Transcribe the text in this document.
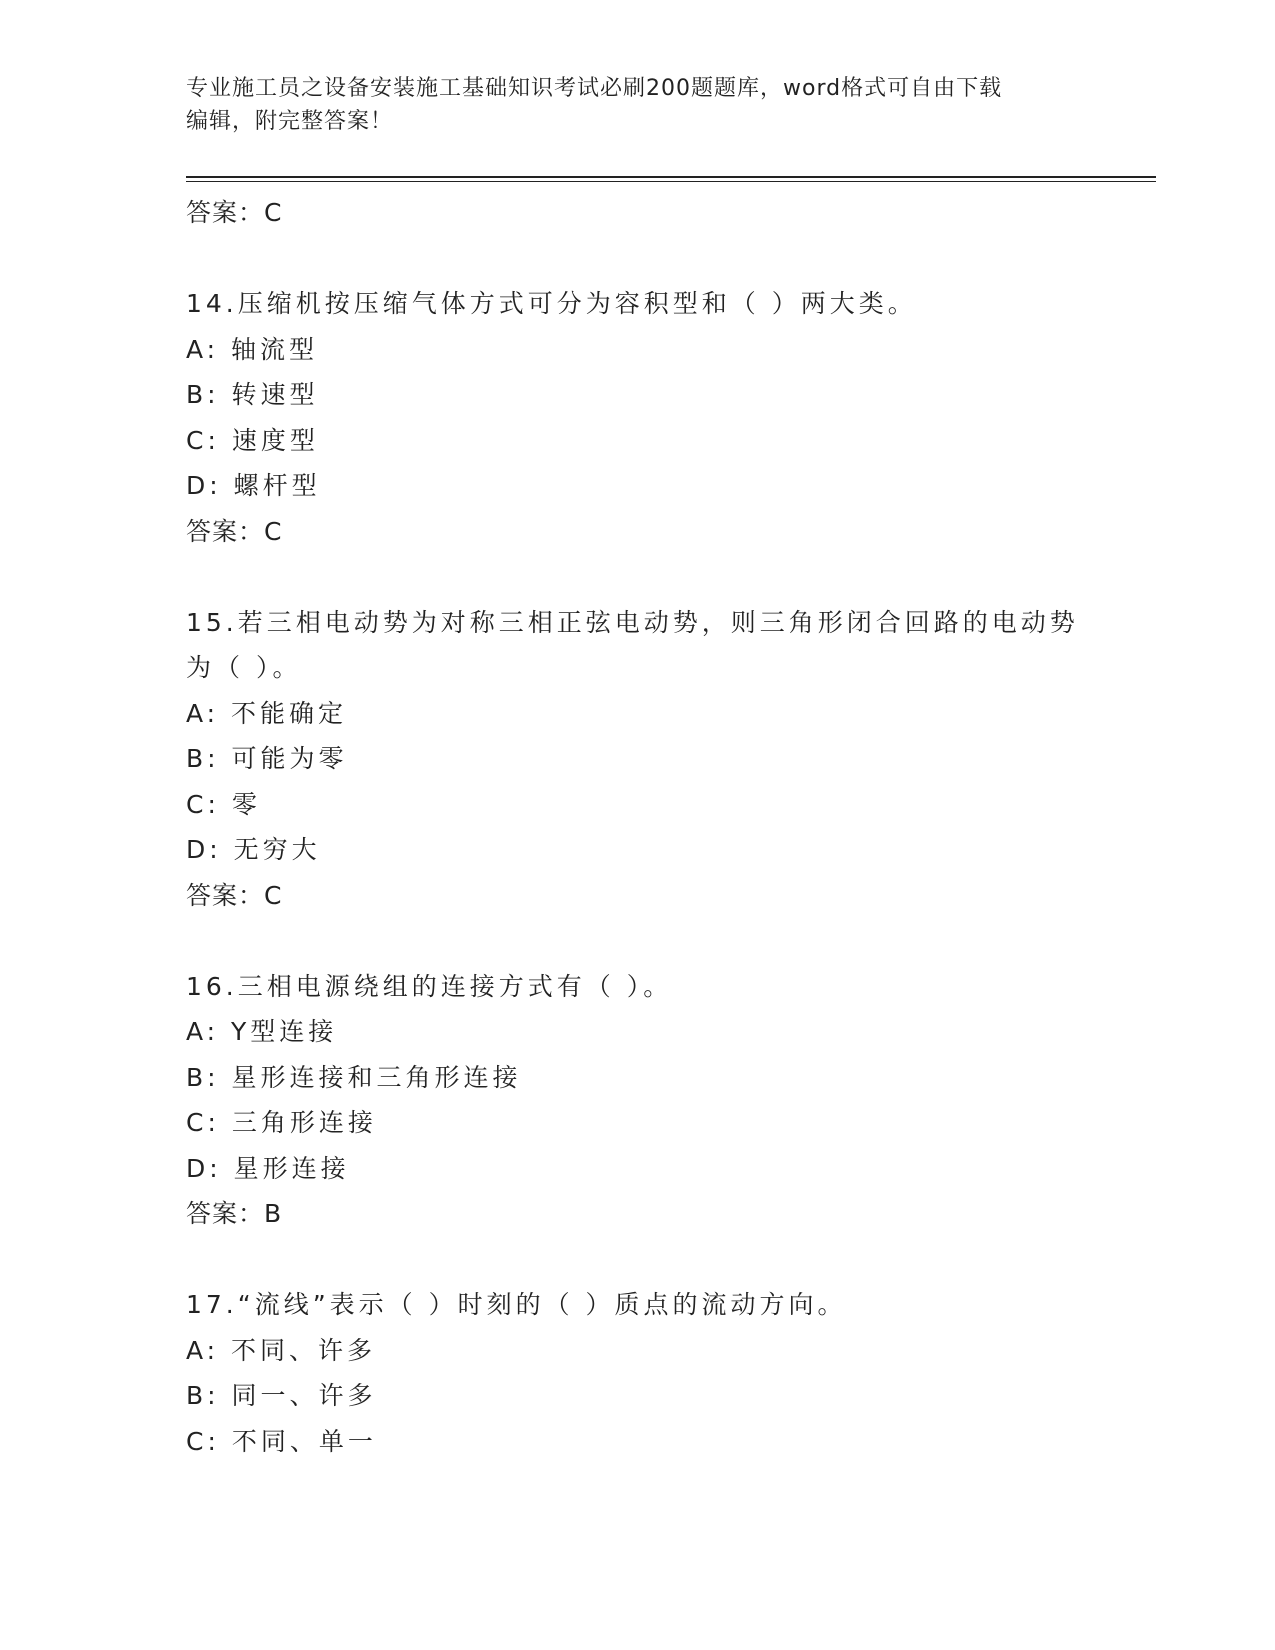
专业施工员之设备安装施工基础知识考试必刷200题题库，word格式可自由下载
编辑，附完整答案！
答案：C
14.压缩机按压缩气体方式可分为容积型和（ ）两大类。
A: 轴流型
B: 转速型
C: 速度型
D: 螺杆型
答案：C
15.若三相电动势为对称三相正弦电动势，则三角形闭合回路的电动势
为（ ）。
A: 不能确定
B: 可能为零
C: 零
D: 无穷大
答案：C
16.三相电源绕组的连接方式有（ ）。
A: Y型连接
B: 星形连接和三角形连接
C: 三角形连接
D: 星形连接
答案：B
17.“流线”表示（ ）时刻的（ ）质点的流动方向。
A: 不同、许多
B: 同一、许多
C: 不同、单一
